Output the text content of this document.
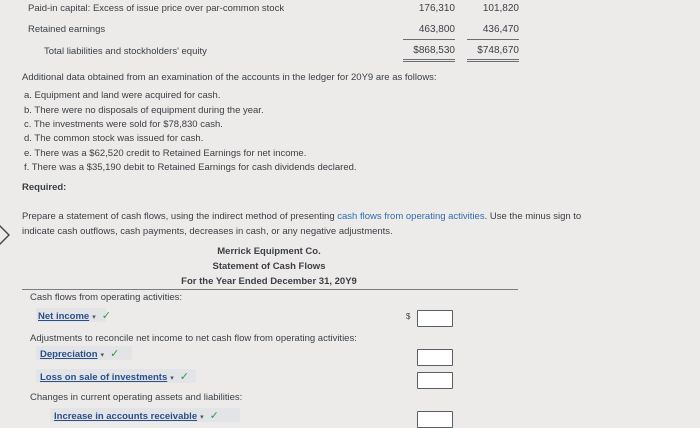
Paid-in capital: Excess of issue price over par-common stock	176,310	101,820
Retained earnings	463,800	436,470
Total liabilities and stockholders' equity	$868,530	$748,670
Additional data obtained from an examination of the accounts in the ledger for 20Y9 are as follows:
a. Equipment and land were acquired for cash.
b. There were no disposals of equipment during the year.
c. The investments were sold for $78,830 cash.
d. The common stock was issued for cash.
e. There was a $62,520 credit to Retained Earnings for net income.
f. There was a $35,190 debit to Retained Earnings for cash dividends declared.
Required:
Prepare a statement of cash flows, using the indirect method of presenting cash flows from operating activities. Use the minus sign to
indicate cash outflows, cash payments, decreases in cash, or any negative adjustments.
Merrick Equipment Co.
Statement of Cash Flows
For the Year Ended December 31, 20Y9
Cash flows from operating activities:
Net income ▾ ✓	$
Adjustments to reconcile net income to net cash flow from operating activities:
Depreciation ▾ ✓
Loss on sale of investments ▾ ✓
Changes in current operating assets and liabilities:
Increase in accounts receivable ▾ ✓
